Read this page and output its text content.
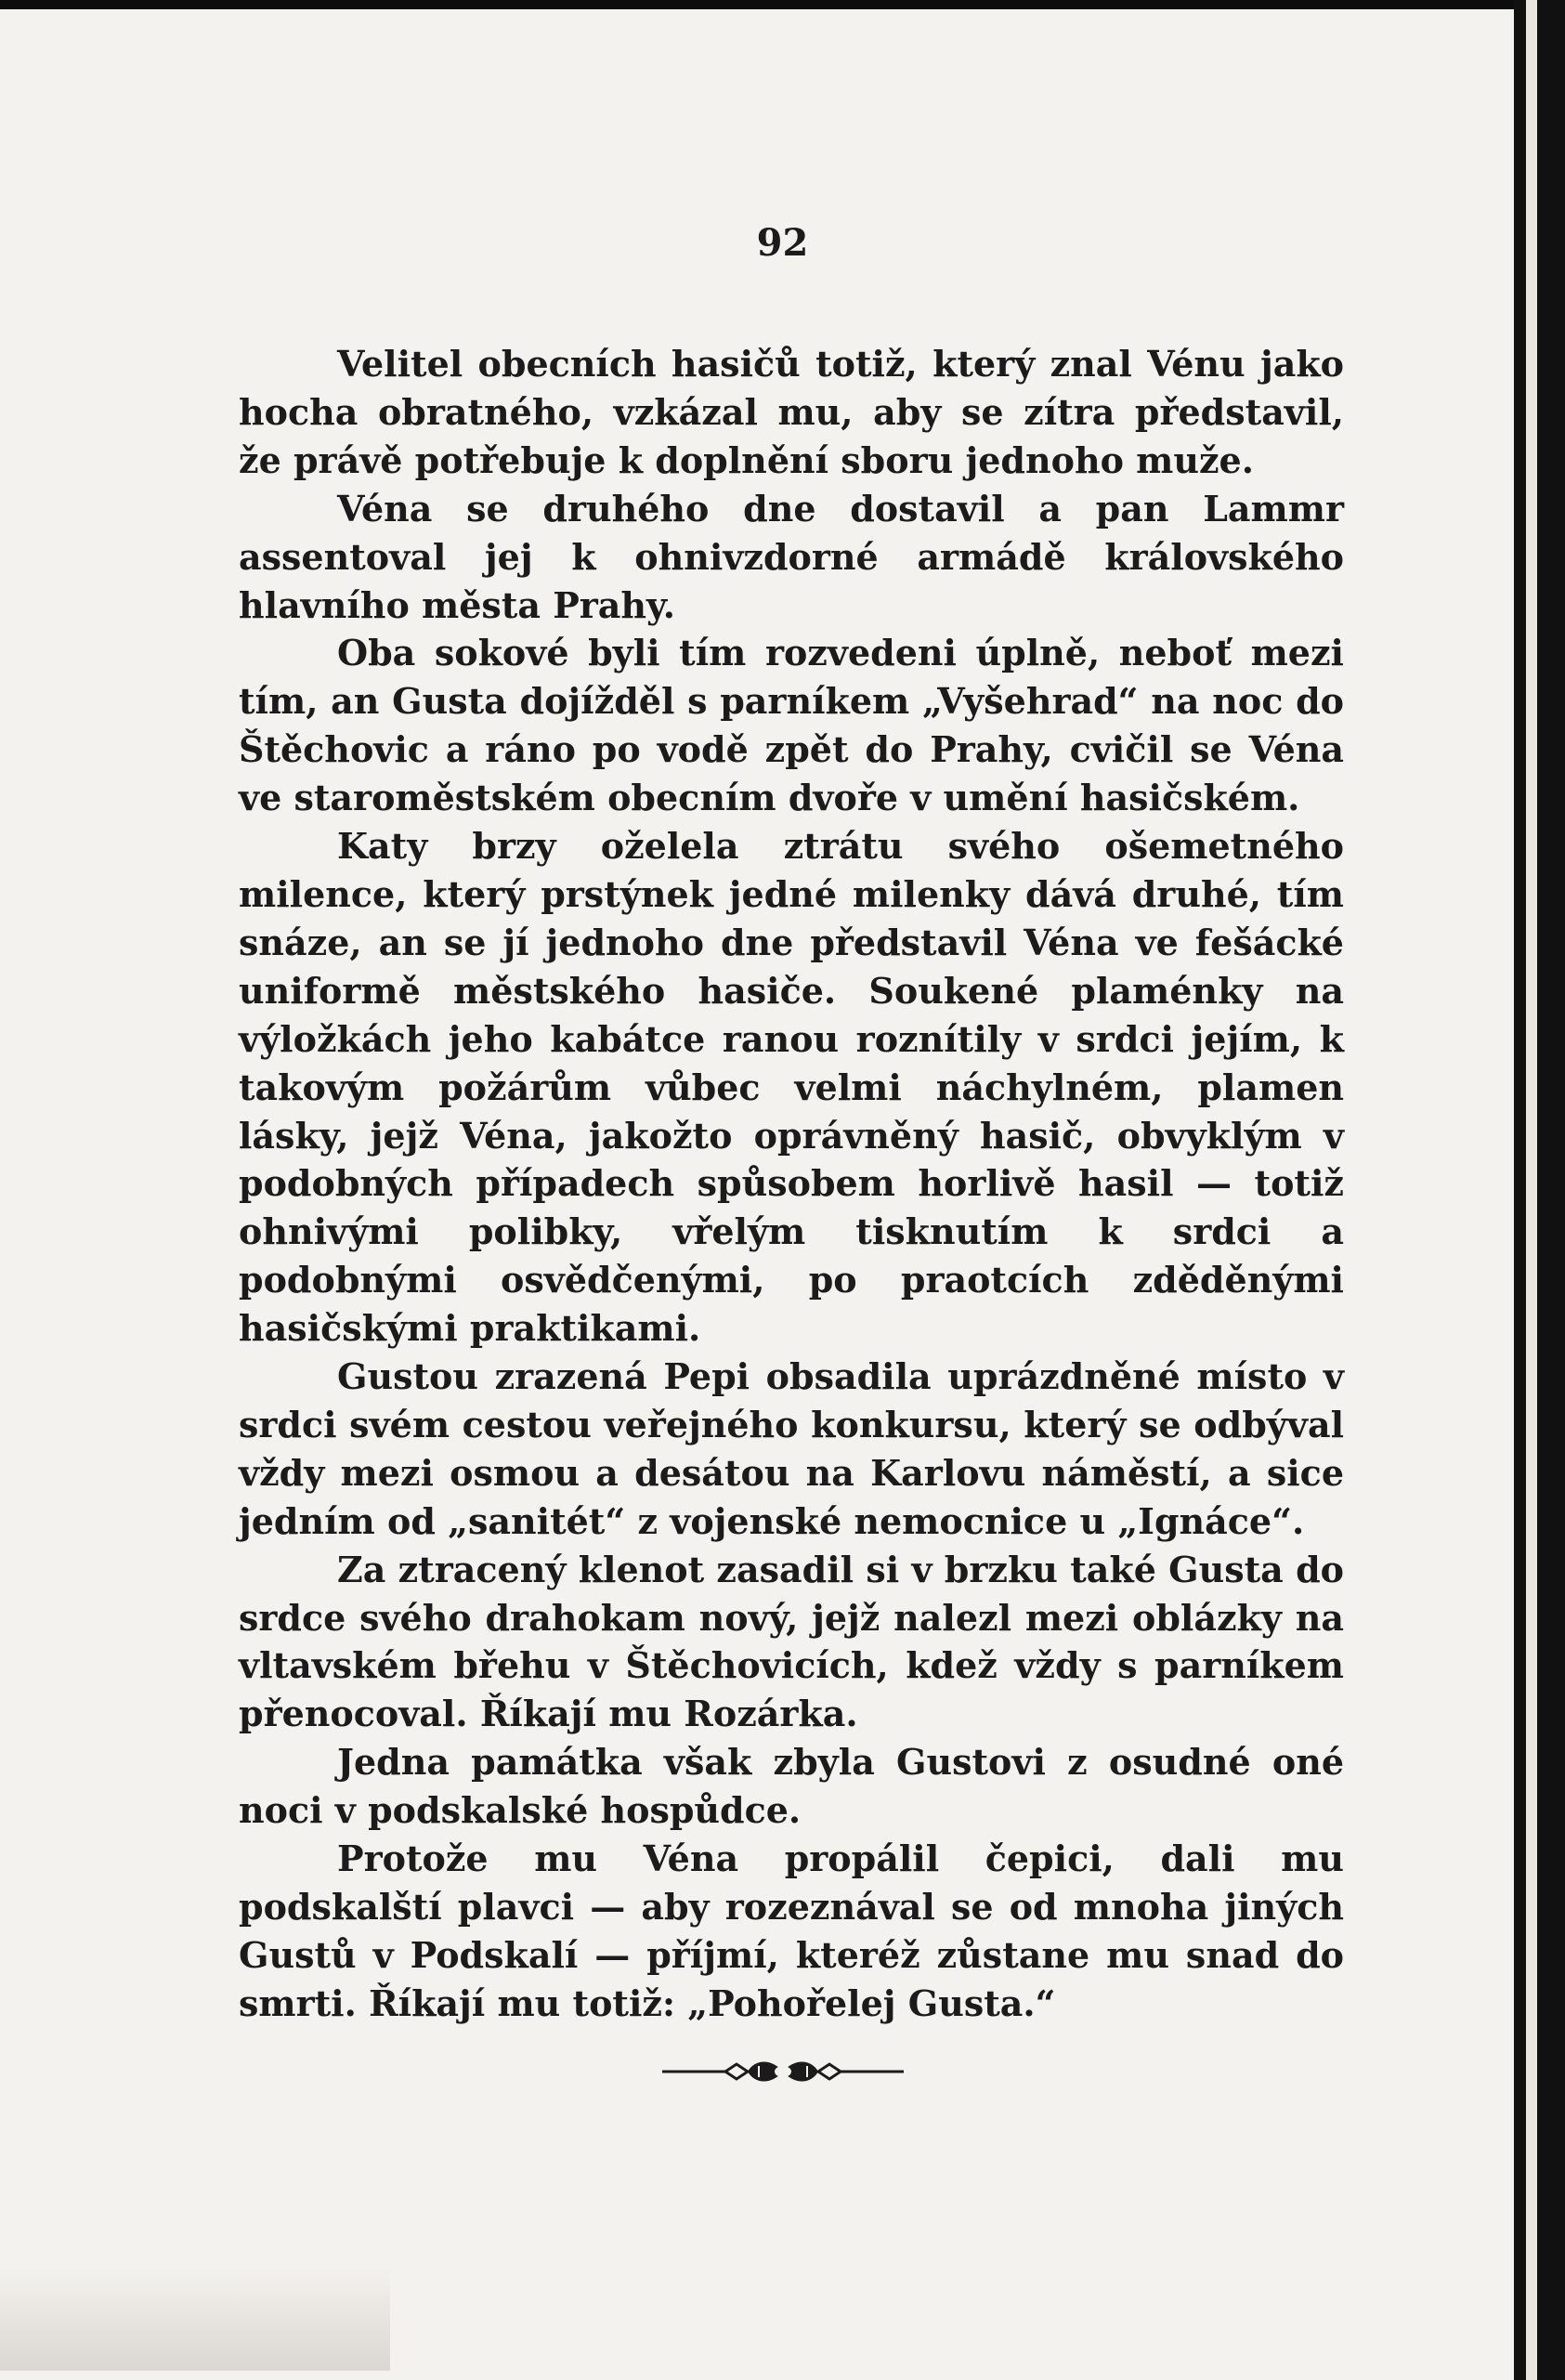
92

Velitel obecních hasičů totiž, který znal Vénu jako hocha obratného, vzkázal mu, aby se zítra představil, že právě potřebuje k doplnění sboru jednoho muže.

Véna se druhého dne dostavil a pan Lammr assentoval jej k ohnivzdorné armádě královského hlavního města Prahy.

Oba sokové byli tím rozvedeni úplně, neboť mezi tím, an Gusta dojížděl s parníkem „Vyšehrad“ na noc do Štěchovic a ráno po vodě zpět do Prahy, cvičil se Véna ve staroměstském obecním dvoře v umění hasičském.

Katy brzy oželela ztrátu svého ošemetného milence, který prstýnek jedné milenky dává druhé, tím snáze, an se jí jednoho dne představil Véna ve fešácké uniformě městského hasiče. Soukené plaménky na výložkách jeho kabátce ranou roznítily v srdci jejím, k takovým požárům vůbec velmi náchylném, plamen lásky, jejž Véna, jakožto oprávněný hasič, obvyklým v podobných případech spůsobem horlivě hasil — totiž ohnivými polibky, vřelým tisknutím k srdci a podobnými osvědčenými, po praotcích zděděnými hasičskými praktikami.

Gustou zrazená Pepi obsadila uprázdněné místo v srdci svém cestou veřejného konkursu, který se odbýval vždy mezi osmou a desátou na Karlovu náměstí, a sice jedním od „sanitét“ z vojenské nemocnice u „Ignáce“.

Za ztracený klenot zasadil si v brzku také Gusta do srdce svého drahokam nový, jejž nalezl mezi oblázky na vltavském břehu v Štěchovicích, kdež vždy s parníkem přenocoval. Říkají mu Rozárka.

Jedna památka však zbyla Gustovi z osudné oné noci v podskalské hospůdce.

Protože mu Véna propálil čepici, dali mu podskalští plavci — aby rozeznával se od mnoha jiných Gustů v Podskalí — příjmí, kteréž zůstane mu snad do smrti. Říkají mu totiž: „Pohořelej Gusta.“
